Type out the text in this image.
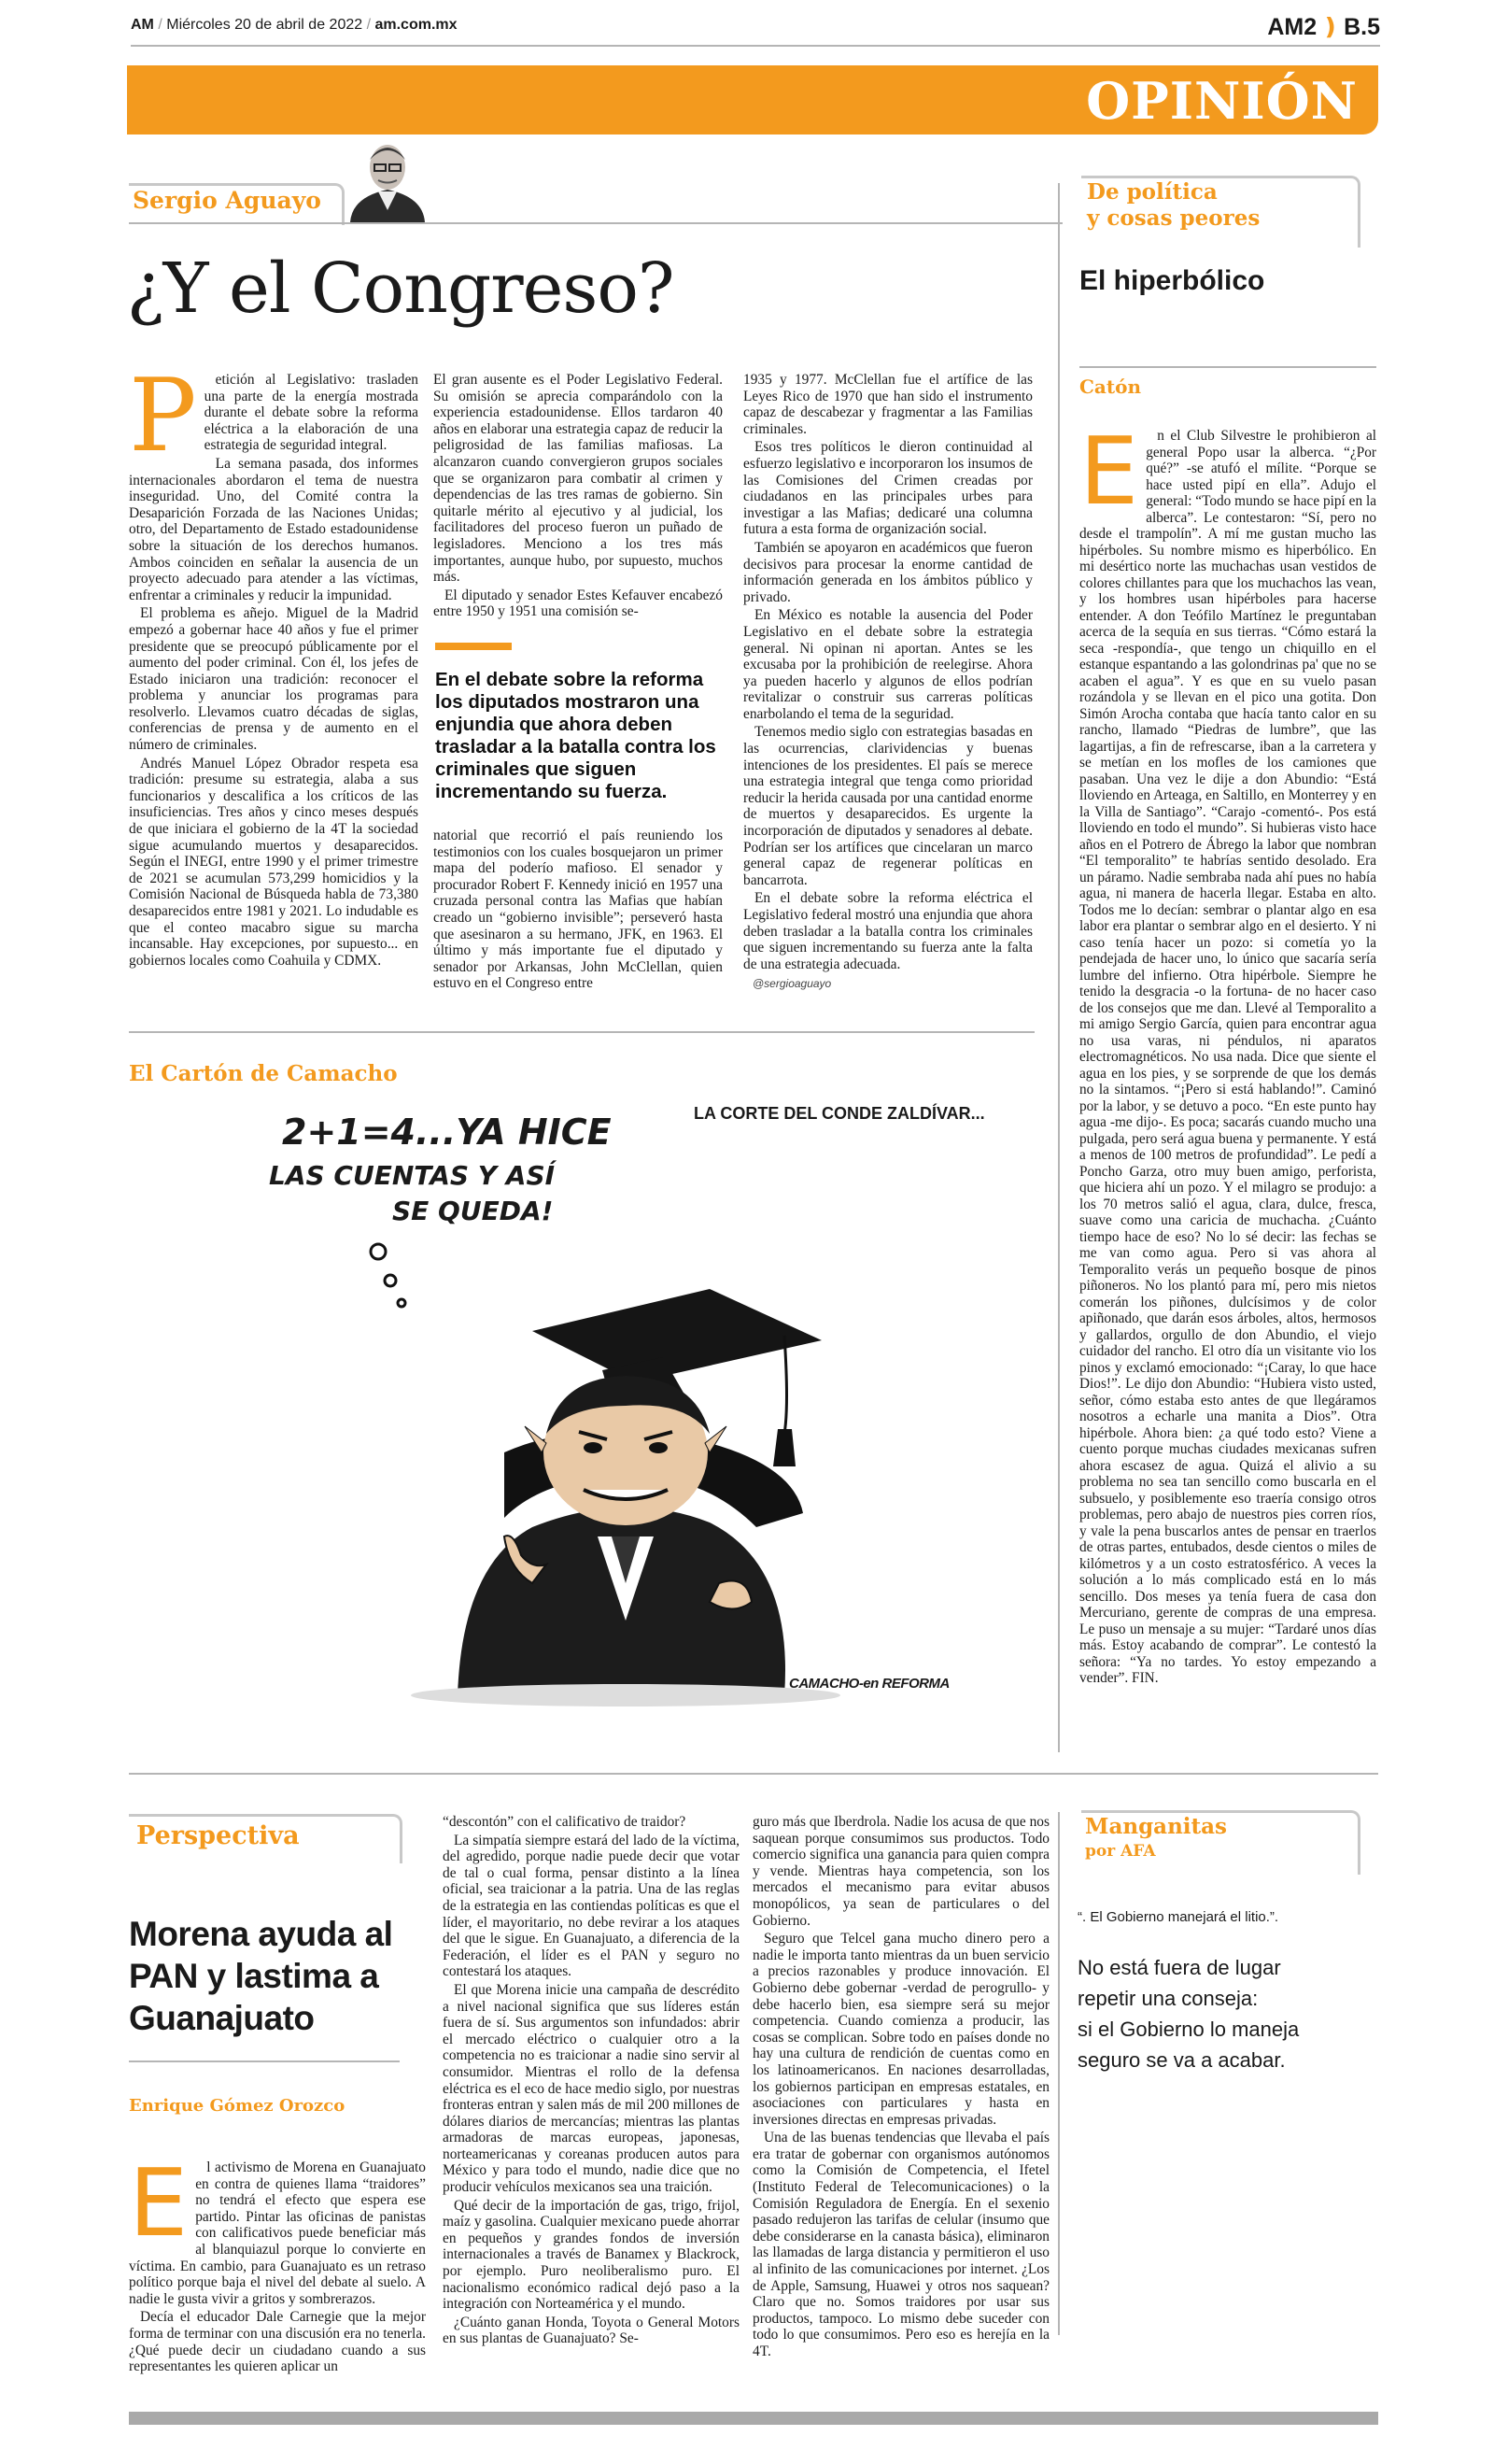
AM / Miércoles 20 de abril de 2022 / am.com.mx	AM2 ❫ B.5
OPINIÓN
Sergio Aguayo
¿Y el Congreso?
P	etición al Legislativo: trasladen una parte de la energía mostrada durante el debate sobre la reforma eléctrica a la elaboración de una estrategia de seguridad integral.

La semana pasada, dos informes internacionales abordaron el tema de nuestra inseguridad. Uno, del Comité contra la Desaparición Forzada de las Naciones Unidas; otro, del Departamento de Estado estadounidense sobre la situación de los derechos humanos. Ambos coinciden en señalar la ausencia de un proyecto adecuado para atender a las víctimas, enfrentar a criminales y reducir la impunidad.

El problema es añejo. Miguel de la Madrid empezó a gobernar hace 40 años y fue el primer presidente que se preocupó públicamente por el aumento del poder criminal. Con él, los jefes de Estado iniciaron una tradición: reconocer el problema y anunciar los programas para resolverlo. Llevamos cuatro décadas de siglas, conferencias de prensa y de aumento en el número de criminales.

Andrés Manuel López Obrador respeta esa tradición: presume su estrategia, alaba a sus funcionarios y descalifica a los críticos de las insuficiencias. Tres años y cinco meses después de que iniciara el gobierno de la 4T la sociedad sigue acumulando muertos y desaparecidos. Según el INEGI, entre 1990 y el primer trimestre de 2021 se acumulan 573,299 homicidios y la Comisión Nacional de Búsqueda habla de 73,380 desaparecidos entre 1981 y 2021. Lo indudable es que el conteo macabro sigue su marcha incansable. Hay excepciones, por supuesto... en gobiernos locales como Coahuila y CDMX.

El gran ausente es el Poder Legislativo Federal. Su omisión se aprecia comparándolo con la experiencia estadounidense. Ellos tardaron 40 años en elaborar una estrategia capaz de reducir la peligrosidad de las familias mafiosas. La alcanzaron cuando convergieron grupos sociales que se organizaron para combatir al crimen y dependencias de las tres ramas de gobierno. Sin quitarle mérito al ejecutivo y al judicial, los facilitadores del proceso fueron un puñado de legisladores. Menciono a los tres más importantes, aunque hubo, por supuesto, muchos más.

El diputado y senador Estes Kefauver encabezó entre 1950 y 1951 una comisión se-

En el debate sobre la reforma los diputados mostraron una enjundia que ahora deben trasladar a la batalla contra los criminales que siguen incrementando su fuerza.

natorial que recorrió el país reuniendo los testimonios con los cuales bosquejaron un primer mapa del poderío mafioso. El senador y procurador Robert F. Kennedy inició en 1957 una cruzada personal contra las Mafias que habían creado un “gobierno invisible”; perseveró hasta que asesinaron a su hermano, JFK, en 1963. El último y más importante fue el diputado y senador por Arkansas, John McClellan, quien estuvo en el Congreso entre

1935 y 1977. McClellan fue el artífice de las Leyes Rico de 1970 que han sido el instrumento capaz de descabezar y fragmentar a las Familias criminales.

Esos tres políticos le dieron continuidad al esfuerzo legislativo e incorporaron los insumos de las Comisiones del Crimen creadas por ciudadanos en las principales urbes para investigar a las Mafias; dedicaré una columna futura a esta forma de organización social.

También se apoyaron en académicos que fueron decisivos para procesar la enorme cantidad de información generada en los ámbitos público y privado.

En México es notable la ausencia del Poder Legislativo en el debate sobre la estrategia general. Ni opinan ni aportan. Antes se les excusaba por la prohibición de reelegirse. Ahora ya pueden hacerlo y algunos de ellos podrían revitalizar o construir sus carreras políticas enarbolando el tema de la seguridad.

Tenemos medio siglo con estrategias basadas en las ocurrencias, clarividencias y buenas intenciones de los presidentes. El país se merece una estrategia integral que tenga como prioridad reducir la herida causada por una cantidad enorme de muertos y desaparecidos. Es urgente la incorporación de diputados y senadores al debate. Podrían ser los artífices que cincelaran un marco general capaz de regenerar políticas en bancarrota.

En el debate sobre la reforma eléctrica el Legislativo federal mostró una enjundia que ahora deben trasladar a la batalla contra los criminales que siguen incrementando su fuerza ante la falta de una estrategia adecuada.

@sergioaguayo
El Cartón de Camacho
2+1=4...YA HICE
LAS CUENTAS Y ASÍ
SE QUEDA!
LA CORTE DEL CONDE ZALDÍVAR...
CAMACHO-en REFORMA
De política
y cosas peores
El hiperbólico
Catón
E	n el Club Silvestre le prohibieron al general Popo usar la alberca. “¿Por qué?” -se atufó el mílite. “Porque se hace usted pipí en ella”. Adujo el general: “Todo mundo se hace pipí en la alberca”. Le contestaron: “Sí, pero no desde el trampolín”. A mí me gustan mucho las hipérboles. Su nombre mismo es hiperbólico. En mi desértico norte las muchachas usan vestidos de colores chillantes para que los muchachos las vean, y los hombres usan hipérboles para hacerse entender. A don Teófilo Martínez le preguntaban acerca de la sequía en sus tierras. “Cómo estará la seca -respondía-, que tengo un chiquillo en el estanque espantando a las golondrinas pa' que no se acaben el agua”. Y es que en su vuelo pasan rozándola y se llevan en el pico una gotita. Don Simón Arocha contaba que hacía tanto calor en su rancho, llamado “Piedras de lumbre”, que las lagartijas, a fin de refrescarse, iban a la carretera y se metían en los mofles de los camiones que pasaban. Una vez le dije a don Abundio: “Está lloviendo en Arteaga, en Saltillo, en Monterrey y en la Villa de Santiago”. “Carajo -comentó-. Pos está lloviendo en todo el mundo”. Si hubieras visto hace años en el Potrero de Ábrego la labor que nombran “El temporalito” te habrías sentido desolado. Era un páramo. Nadie sembraba nada ahí pues no había agua, ni manera de hacerla llegar. Estaba en alto. Todos me lo decían: sembrar o plantar algo en esa labor era plantar o sembrar algo en el desierto. Y ni caso tenía hacer un pozo: si cometía yo la pendejada de hacer uno, lo único que sacaría sería lumbre del infierno. Otra hipérbole. Siempre he tenido la desgracia -o la fortuna- de no hacer caso de los consejos que me dan. Llevé al Temporalito a mi amigo Sergio García, quien para encontrar agua no usa varas, ni péndulos, ni aparatos electromagnéticos. No usa nada. Dice que siente el agua en los pies, y se sorprende de que los demás no la sintamos. “¡Pero si está hablando!”. Caminó por la labor, y se detuvo a poco. “En este punto hay agua -me dijo-. Es poca; sacarás cuando mucho una pulgada, pero será agua buena y permanente. Y está a menos de 100 metros de profundidad”. Le pedí a Poncho Garza, otro muy buen amigo, perforista, que hiciera ahí un pozo. Y el milagro se produjo: a los 70 metros salió el agua, clara, dulce, fresca, suave como una caricia de muchacha. ¿Cuánto tiempo hace de eso? No lo sé decir: las fechas se me van como agua. Pero si vas ahora al Temporalito verás un pequeño bosque de pinos piñoneros. No los plantó para mí, pero mis nietos comerán los piñones, dulcísimos y de color apiñonado, que darán esos árboles, altos, hermosos y gallardos, orgullo de don Abundio, el viejo cuidador del rancho. El otro día un visitante vio los pinos y exclamó emocionado: “¡Caray, lo que hace Dios!”. Le dijo don Abundio: “Hubiera visto usted, señor, cómo estaba esto antes de que llegáramos nosotros a echarle una manita a Dios”. Otra hipérbole. Ahora bien: ¿a qué todo esto? Viene a cuento porque muchas ciudades mexicanas sufren ahora escasez de agua. Quizá el alivio a su problema no sea tan sencillo como buscarla en el subsuelo, y posiblemente eso traería consigo otros problemas, pero abajo de nuestros pies corren ríos, y vale la pena buscarlos antes de pensar en traerlos de otras partes, entubados, desde cientos o miles de kilómetros y a un costo estratosférico. A veces la solución a lo más complicado está en lo más sencillo. Dos meses ya tenía fuera de casa don Mercuriano, gerente de compras de una empresa. Le puso un mensaje a su mujer: “Tardaré unos días más. Estoy acabando de comprar”. Le contestó la señora: “Ya no tardes. Yo estoy empezando a vender”. FIN.

Perspectiva
Morena ayuda al PAN y lastima a Guanajuato
Enrique Gómez Orozco
E	l activismo de Morena en Guanajuato en contra de quienes llama “traidores” no tendrá el efecto que espera ese partido. Pintar las oficinas de panistas con calificativos puede beneficiar más al blanquiazul porque lo convierte en víctima. En cambio, para Guanajuato es un retraso político porque baja el nivel del debate al suelo. A nadie le gusta vivir a gritos y sombrerazos.

Decía el educador Dale Carnegie que la mejor forma de terminar con una discusión era no tenerla. ¿Qué puede decir un ciudadano cuando a sus representantes les quieren aplicar un

“descontón” con el calificativo de traidor?

La simpatía siempre estará del lado de la víctima, del agredido, porque nadie puede decir que votar de tal o cual forma, pensar distinto a la línea oficial, sea traicionar a la patria. Una de las reglas de la estrategia en las contiendas políticas es que el líder, el mayoritario, no debe revirar a los ataques del que le sigue. En Guanajuato, a diferencia de la Federación, el líder es el PAN y seguro no contestará los ataques.

El que Morena inicie una campaña de descrédito a nivel nacional significa que sus líderes están fuera de sí. Sus argumentos son infundados: abrir el mercado eléctrico o cualquier otro a la competencia no es traicionar a nadie sino servir al consumidor. Mientras el rollo de la defensa eléctrica es el eco de hace medio siglo, por nuestras fronteras entran y salen más de mil 200 millones de dólares diarios de mercancías; mientras las plantas armadoras de marcas europeas, japonesas, norteamericanas y coreanas producen autos para México y para todo el mundo, nadie dice que no producir vehículos mexicanos sea una traición.

Qué decir de la importación de gas, trigo, frijol, maíz y gasolina. Cualquier mexicano puede ahorrar en pequeños y grandes fondos de inversión internacionales a través de Banamex y Blackrock, por ejemplo. Puro neoliberalismo puro. El nacionalismo económico radical dejó paso a la integración con Norteamérica y el mundo.

¿Cuánto ganan Honda, Toyota o General Motors en sus plantas de Guanajuato? Se-

guro más que Iberdrola. Nadie los acusa de que nos saquean porque consumimos sus productos. Todo comercio significa una ganancia para quien compra y vende. Mientras haya competencia, son los mercados el mecanismo para evitar abusos monopólicos, ya sean de particulares o del Gobierno.

Seguro que Telcel gana mucho dinero pero a nadie le importa tanto mientras da un buen servicio a precios razonables y produce innovación. El Gobierno debe gobernar -verdad de perogrullo- y debe hacerlo bien, esa siempre será su mejor competencia. Cuando comienza a producir, las cosas se complican. Sobre todo en países donde no hay una cultura de rendición de cuentas como en los latinoamericanos. En naciones desarrolladas, los gobiernos participan en empresas estatales, en asociaciones con particulares y hasta en inversiones directas en empresas privadas.

Una de las buenas tendencias que llevaba el país era tratar de gobernar con organismos autónomos como la Comisión de Competencia, el Ifetel (Instituto Federal de Telecomunicaciones) o la Comisión Reguladora de Energía. En el sexenio pasado redujeron las tarifas de celular (insumo que debe considerarse en la canasta básica), eliminaron las llamadas de larga distancia y permitieron el uso al infinito de las comunicaciones por internet. ¿Los de Apple, Samsung, Huawei y otros nos saquean? Claro que no. Somos traidores por usar sus productos, tampoco. Lo mismo debe suceder con todo lo que consumimos. Pero eso es herejía en la 4T.

Manganitas
por AFA
“. El Gobierno manejará el litio.”.
No está fuera de lugar
repetir una conseja:
si el Gobierno lo maneja
seguro se va a acabar.
